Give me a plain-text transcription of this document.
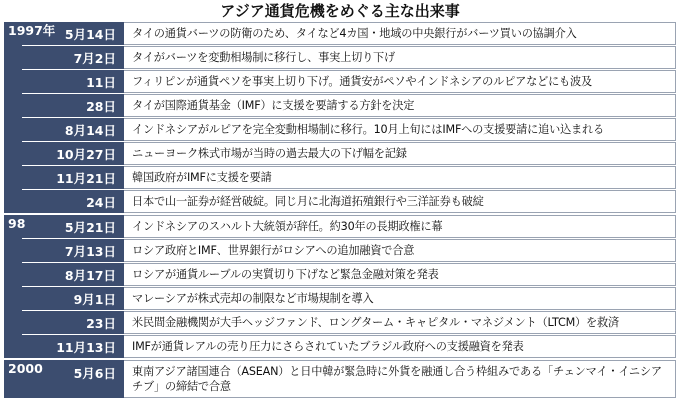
アジア通貨危機をめぐる主な出来事
1997年 5月14日	タイの通貨バーツの防衛のため、タイなど4カ国・地域の中央銀行がバーツ買いの協調介入
7月2日	タイがバーツを変動相場制に移行し、事実上切り下げ
11日	フィリピンが通貨ペソを事実上切り下げ。通貨安がペソやインドネシアのルピアなどにも波及
28日	タイが国際通貨基金（IMF）に支援を要請する方針を決定
8月14日	インドネシアがルピアを完全変動相場制に移行。10月上旬にはIMFへの支援要請に追い込まれる
10月27日	ニューヨーク株式市場が当時の過去最大の下げ幅を記録
11月21日	韓国政府がIMFに支援を要請
24日	日本で山一証券が経営破綻。同じ月に北海道拓殖銀行や三洋証券も破綻
98	5月21日	インドネシアのスハルト大統領が辞任。約30年の長期政権に幕
7月13日	ロシア政府とIMF、世界銀行がロシアへの追加融資で合意
8月17日	ロシアが通貨ルーブルの実質切り下げなど緊急金融対策を発表
9月1日	マレーシアが株式売却の制限など市場規制を導入
23日	米民間金融機関が大手ヘッジファンド、ロングターム・キャピタル・マネジメント（LTCM）を救済
11月13日	IMFが通貨レアルの売り圧力にさらされていたブラジル政府への支援融資を発表
2000	5月6日	東南アジア諸国連合（ASEAN）と日中韓が緊急時に外貨を融通し合う枠組みである「チェンマイ・イニシアチブ」の締結で合意
